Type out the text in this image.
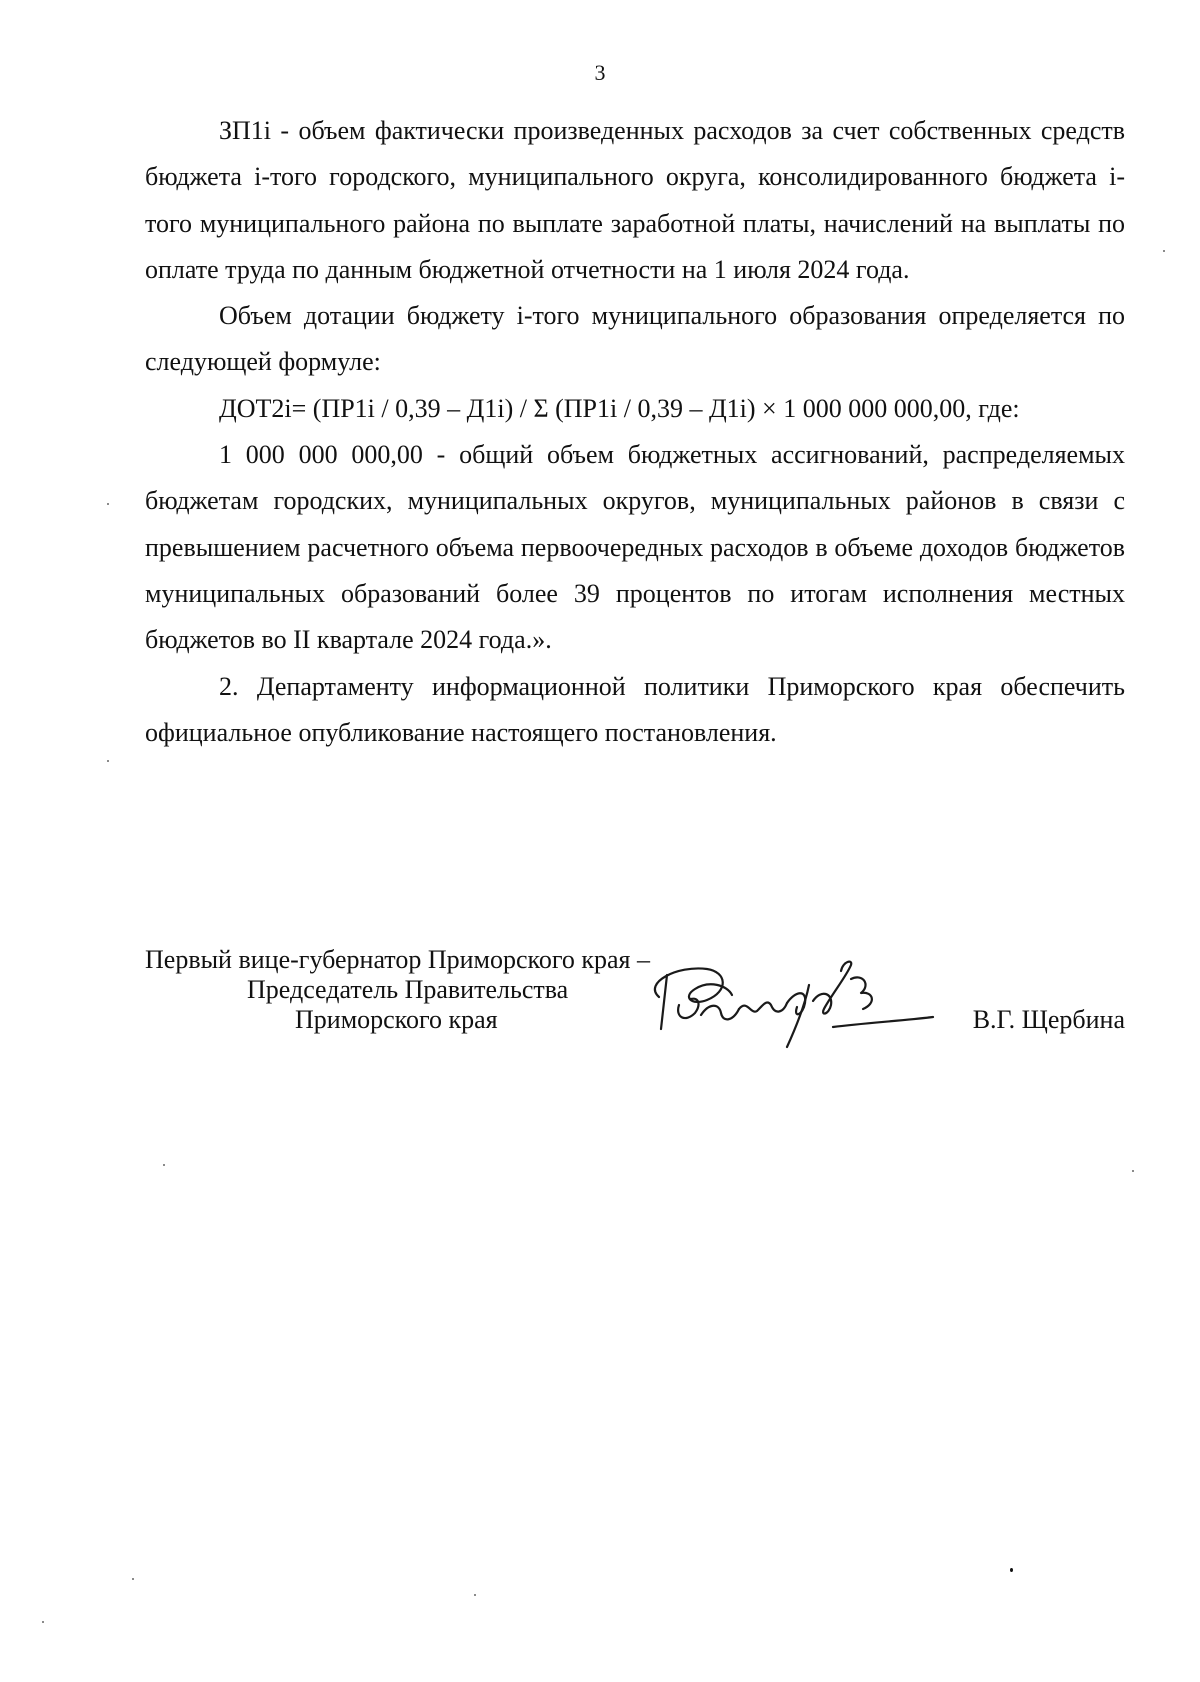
3

ЗП1i - объем фактически произведенных расходов за счет собственных средств бюджета i-того городского, муниципального округа, консолидированного бюджета i-того муниципального района по выплате заработной платы, начислений на выплаты по оплате труда по данным бюджетной отчетности на 1 июля 2024 года.

Объем дотации бюджету i-того муниципального образования определяется по следующей формуле:

ДОТ2i= (ПР1i / 0,39 – Д1i) / Σ (ПР1i / 0,39 – Д1i) × 1 000 000 000,00, где:

1 000 000 000,00 - общий объем бюджетных ассигнований, распределяемых бюджетам городских, муниципальных округов, муниципальных районов в связи с превышением расчетного объема первоочередных расходов в объеме доходов бюджетов муниципальных образований более 39 процентов по итогам исполнения местных бюджетов во II квартале 2024 года.».

2. Департаменту информационной политики Приморского края обеспечить официальное опубликование настоящего постановления.

Первый вице-губернатор Приморского края –
Председатель Правительства
Приморского края	В.Г. Щербина
